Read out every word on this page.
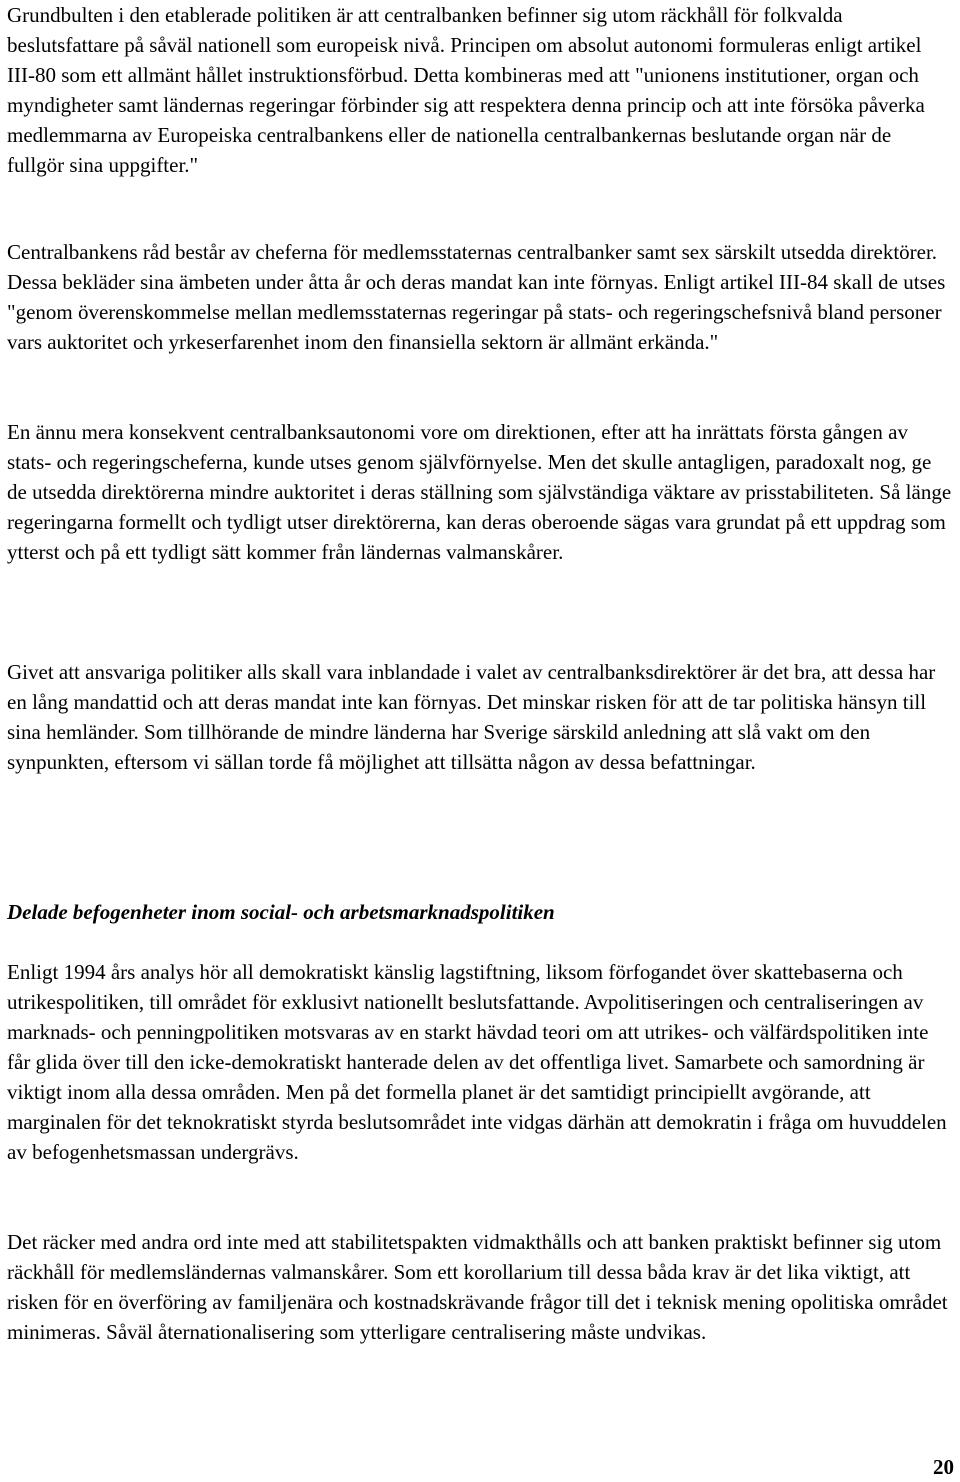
Grundbulten i den etablerade politiken är att centralbanken befinner sig utom räckhåll för folkvalda beslutsfattare på såväl nationell som europeisk nivå. Principen om absolut autonomi formuleras enligt artikel III-80 som ett allmänt hållet instruktionsförbud. Detta kombineras med att "unionens institutioner, organ och myndigheter samt ländernas regeringar förbinder sig att respektera denna princip och att inte försöka påverka medlemmarna av Europeiska centralbankens eller de nationella centralbankernas beslutande organ när de fullgör sina uppgifter."

Centralbankens råd består av cheferna för medlemsstaternas centralbanker samt sex särskilt utsedda direktörer. Dessa bekläder sina ämbeten under åtta år och deras mandat kan inte förnyas. Enligt artikel III-84 skall de utses "genom överenskommelse mellan medlemsstaternas regeringar på stats- och regeringschefsnivå bland personer vars auktoritet och yrkeserfarenhet inom den finansiella sektorn är allmänt erkända."

En ännu mera konsekvent centralbanksautonomi vore om direktionen, efter att ha inrättats första gången av stats- och regeringscheferna, kunde utses genom självförnyelse. Men det skulle antagligen, paradoxalt nog, ge de utsedda direktörerna mindre auktoritet i deras ställning som självständiga väktare av prisstabiliteten. Så länge regeringarna formellt och tydligt utser direktörerna, kan deras oberoende sägas vara grundat på ett uppdrag som ytterst och på ett tydligt sätt kommer från ländernas valmanskårer.

Givet att ansvariga politiker alls skall vara inblandade i valet av centralbanksdirektörer är det bra, att dessa har en lång mandattid och att deras mandat inte kan förnyas. Det minskar risken för att de tar politiska hänsyn till sina hemländer. Som tillhörande de mindre länderna har Sverige särskild anledning att slå vakt om den synpunkten, eftersom vi sällan torde få möjlighet att tillsätta någon av dessa befattningar.

Delade befogenheter inom social- och arbetsmarknadspolitiken

Enligt 1994 års analys hör all demokratiskt känslig lagstiftning, liksom förfogandet över skattebaserna och utrikespolitiken, till området för exklusivt nationellt beslutsfattande. Avpolitiseringen och centraliseringen av marknads- och penningpolitiken motsvaras av en starkt hävdad teori om att utrikes- och välfärdspolitiken inte får glida över till den icke-demokratiskt hanterade delen av det offentliga livet. Samarbete och samordning är viktigt inom alla dessa områden. Men på det formella planet är det samtidigt principiellt avgörande, att marginalen för det teknokratiskt styrda beslutsområdet inte vidgas därhän att demokratin i fråga om huvuddelen av befogenhetsmassan undergrävs.

Det räcker med andra ord inte med att stabilitetspakten vidmakthålls och att banken praktiskt befinner sig utom räckhåll för medlemsländernas valmanskårer. Som ett korollarium till dessa båda krav är det lika viktigt, att risken för en överföring av familjenära och kostnadskrävande frågor till det i teknisk mening opolitiska området minimeras. Såväl åternationalisering som ytterligare centralisering måste undvikas.

20
